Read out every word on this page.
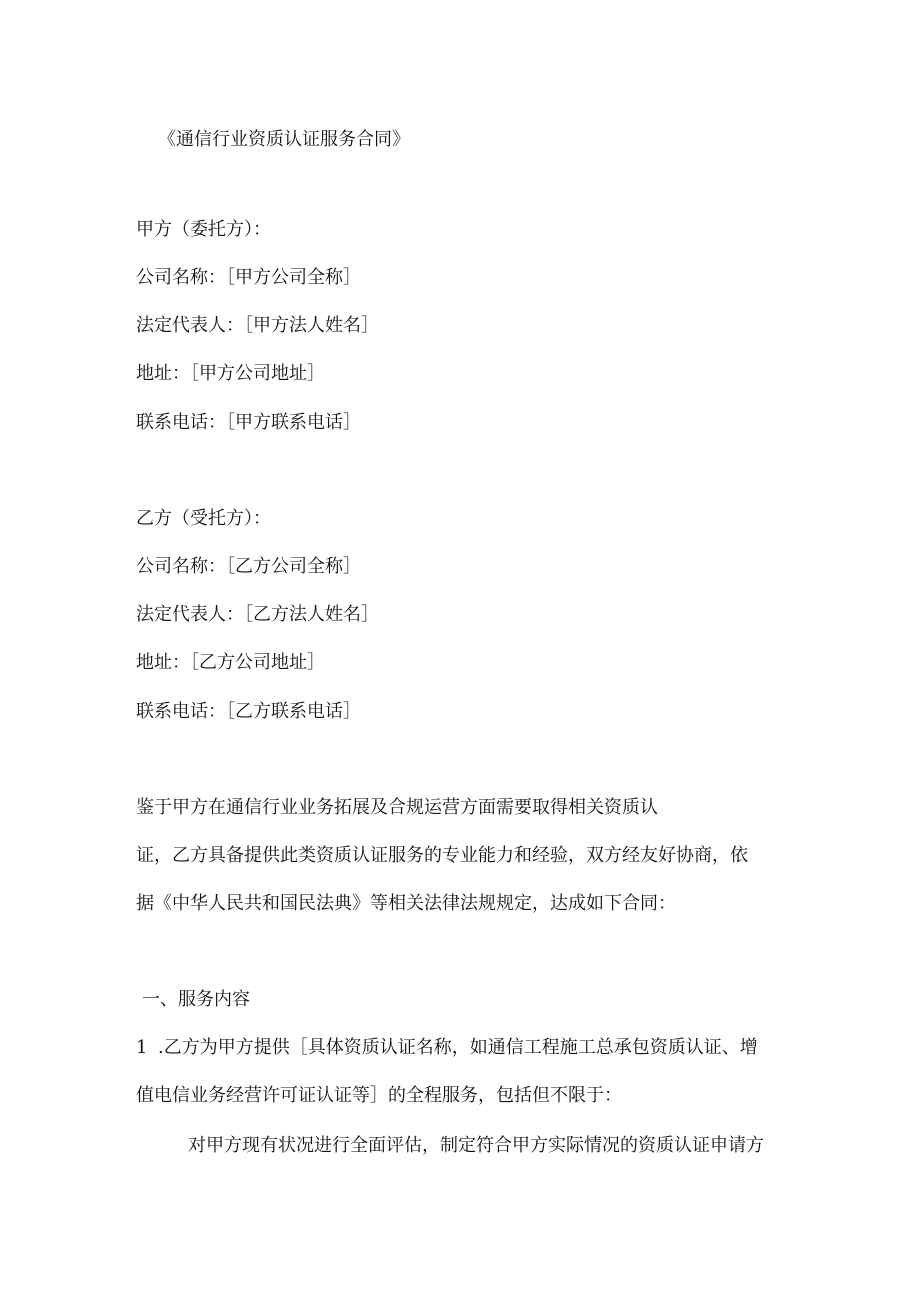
《通信行业资质认证服务合同》
甲方（委托方）：
公司名称：［甲方公司全称］
法定代表人：［甲方法人姓名］
地址：［甲方公司地址］
联系电话：［甲方联系电话］
乙方（受托方）：
公司名称：［乙方公司全称］
法定代表人：［乙方法人姓名］
地址：［乙方公司地址］
联系电话：［乙方联系电话］
鉴于甲方在通信行业业务拓展及合规运营方面需要取得相关资质认
证，乙方具备提供此类资质认证服务的专业能力和经验，双方经友好协商，依
据《中华人民共和国民法典》等相关法律法规规定，达成如下合同：
一、服务内容
1 .乙方为甲方提供［具体资质认证名称，如通信工程施工总承包资质认证、增
值电信业务经营许可证认证等］的全程服务，包括但不限于：
对甲方现有状况进行全面评估，制定符合甲方实际情况的资质认证申请方
